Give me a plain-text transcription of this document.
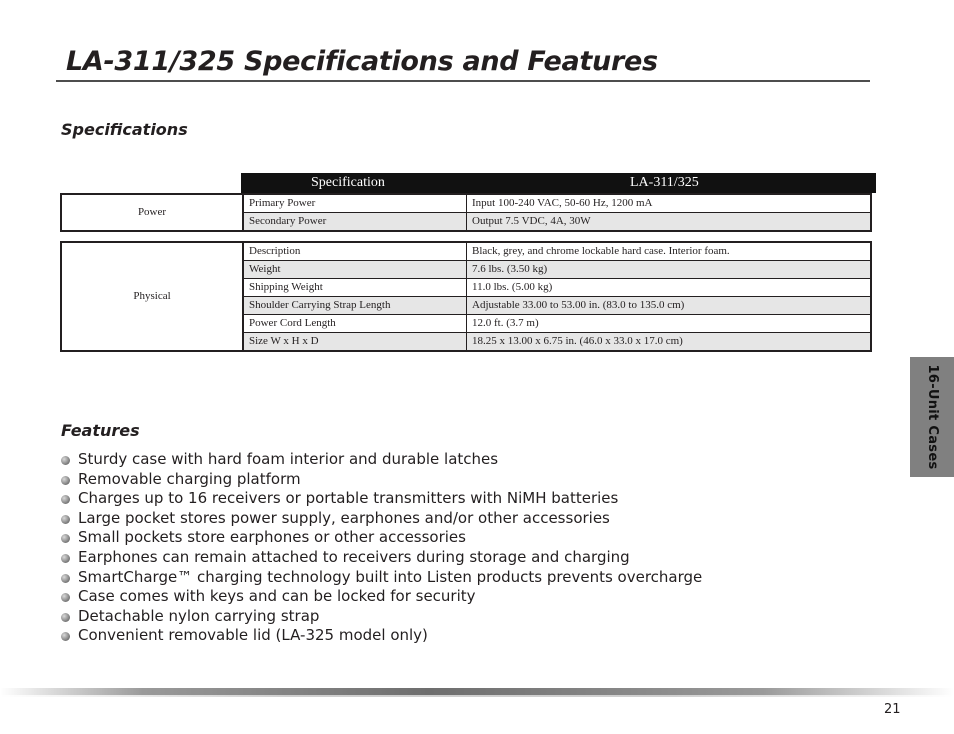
LA-311/325 Specifications and Features
Specifications
Specification	LA-311/325
Power	Primary Power	Input 100-240 VAC, 50-60 Hz, 1200 mA
	Secondary Power	Output 7.5 VDC, 4A, 30W
Physical	Description	Black, grey, and chrome lockable hard case. Interior foam.
	Weight	7.6 lbs. (3.50 kg)
	Shipping Weight	11.0 lbs. (5.00 kg)
	Shoulder Carrying Strap Length	Adjustable 33.00 to 53.00 in. (83.0 to 135.0 cm)
	Power Cord Length	12.0 ft. (3.7 m)
	Size W x H x D	18.25 x 13.00 x 6.75 in. (46.0 x 33.0 x 17.0 cm)
Features
Sturdy case with hard foam interior and durable latches
Removable charging platform
Charges up to 16 receivers or portable transmitters with NiMH batteries
Large pocket stores power supply, earphones and/or other accessories
Small pockets store earphones or other accessories
Earphones can remain attached to receivers during storage and charging
SmartCharge™ charging technology built into Listen products prevents overcharge
Case comes with keys and can be locked for security
Detachable nylon carrying strap
Convenient removable lid (LA-325 model only)
16-Unit Cases
21
